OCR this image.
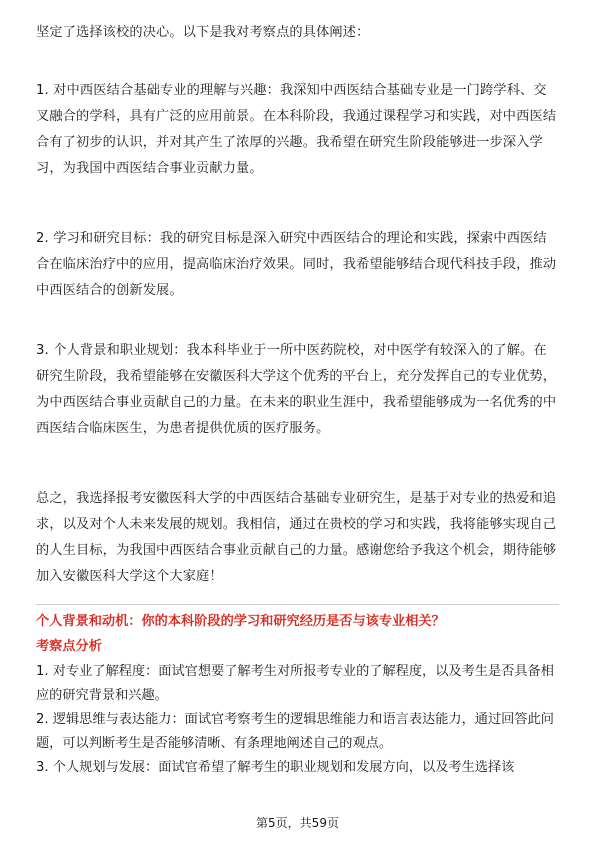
坚定了选择该校的决心。以下是我对考察点的具体阐述：

1. 对中西医结合基础专业的理解与兴趣：我深知中西医结合基础专业是一门跨学科、交叉融合的学科，具有广泛的应用前景。在本科阶段，我通过课程学习和实践，对中西医结合有了初步的认识，并对其产生了浓厚的兴趣。我希望在研究生阶段能够进一步深入学习，为我国中西医结合事业贡献力量。

2. 学习和研究目标：我的研究目标是深入研究中西医结合的理论和实践，探索中西医结合在临床治疗中的应用，提高临床治疗效果。同时，我希望能够结合现代科技手段，推动中西医结合的创新发展。

3. 个人背景和职业规划：我本科毕业于一所中医药院校，对中医学有较深入的了解。在研究生阶段，我希望能够在安徽医科大学这个优秀的平台上，充分发挥自己的专业优势，为中西医结合事业贡献自己的力量。在未来的职业生涯中，我希望能够成为一名优秀的中西医结合临床医生，为患者提供优质的医疗服务。

总之，我选择报考安徽医科大学的中西医结合基础专业研究生，是基于对专业的热爱和追求，以及对个人未来发展的规划。我相信，通过在贵校的学习和实践，我将能够实现自己的人生目标，为我国中西医结合事业贡献自己的力量。感谢您给予我这个机会，期待能够加入安徽医科大学这个大家庭！

个人背景和动机：你的本科阶段的学习和研究经历是否与该专业相关？

考察点分析

1. 对专业了解程度：面试官想要了解考生对所报考专业的了解程度，以及考生是否具备相应的研究背景和兴趣。
2. 逻辑思维与表达能力：面试官考察考生的逻辑思维能力和语言表达能力，通过回答此问题，可以判断考生是否能够清晰、有条理地阐述自己的观点。
3. 个人规划与发展：面试官希望了解考生的职业规划和发展方向，以及考生选择该
第5页，共59页
